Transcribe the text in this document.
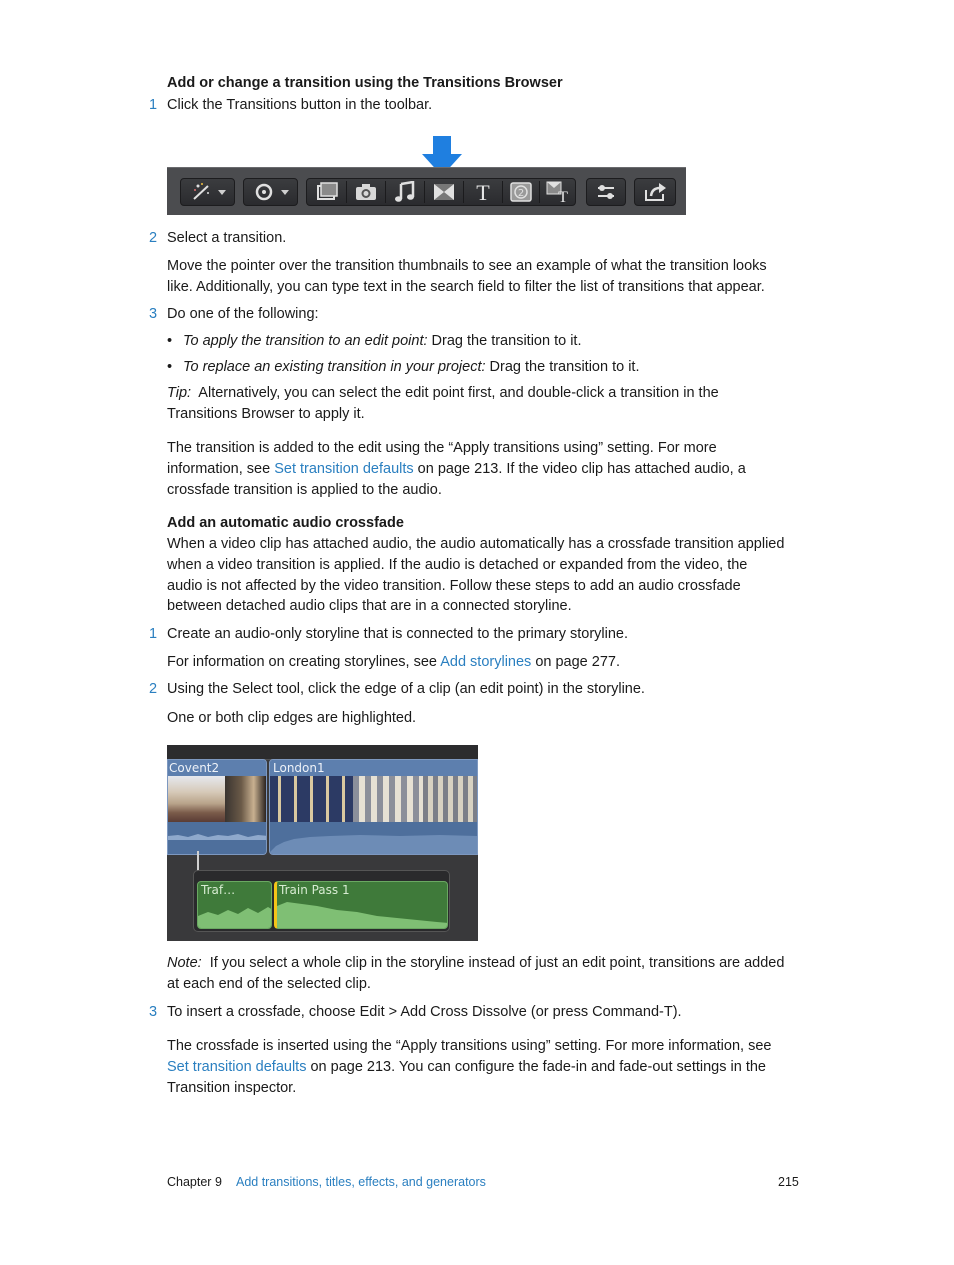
Add or change a transition using the Transitions Browser
1 Click the Transitions button in the toolbar.
T	2 T
2 Select a transition.
Move the pointer over the transition thumbnails to see an example of what the transition looks
like. Additionally, you can type text in the search field to filter the list of transitions that appear.
3 Do one of the following:
• To apply the transition to an edit point: Drag the transition to it.
• To replace an existing transition in your project: Drag the transition to it.
Tip:  Alternatively, you can select the edit point first, and double-click a transition in the
Transitions Browser to apply it.
The transition is added to the edit using the “Apply transitions using” setting. For more
information, see Set transition defaults on page 213. If the video clip has attached audio, a
crossfade transition is applied to the audio.
Add an automatic audio crossfade
When a video clip has attached audio, the audio automatically has a crossfade transition applied
when a video transition is applied. If the audio is detached or expanded from the video, the
audio is not affected by the video transition. Follow these steps to add an audio crossfade
between detached audio clips that are in a connected storyline.
1 Create an audio-only storyline that is connected to the primary storyline.
For information on creating storylines, see Add storylines on page 277.
2 Using the Select tool, click the edge of a clip (an edit point) in the storyline.
One or both clip edges are highlighted.
Covent2	London1
Traf…	Train Pass 1
Note:  If you select a whole clip in the storyline instead of just an edit point, transitions are added
at each end of the selected clip.
3 To insert a crossfade, choose Edit > Add Cross Dissolve (or press Command-T).
The crossfade is inserted using the “Apply transitions using” setting. For more information, see
Set transition defaults on page 213. You can configure the fade-in and fade-out settings in the
Transition inspector.
Chapter 9 Add transitions, titles, effects, and generators	215
